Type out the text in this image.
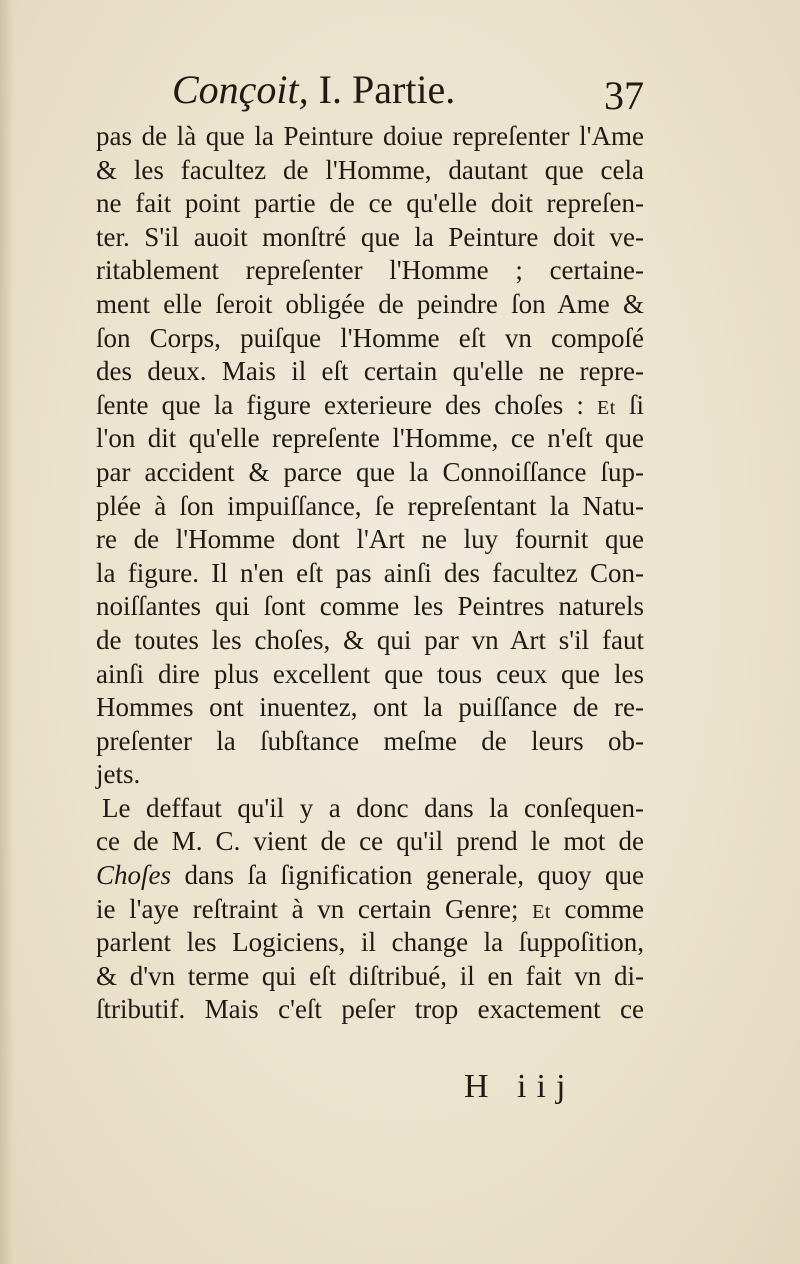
Conçoit, I. Partie.	37
pas de là que la Peinture doiue repreſenter l'Ame
& les facultez de l'Homme, dautant que cela
ne fait point partie de ce qu'elle doit repreſen-
ter. S'il auoit monſtré que la Peinture doit ve-
ritablement repreſenter l'Homme ; certaine-
ment elle ſeroit obligée de peindre ſon Ame &
ſon Corps, puiſque l'Homme eſt vn compoſé
des deux. Mais il eſt certain qu'elle ne repre-
ſente que la figure exterieure des choſes : Et ſi
l'on dit qu'elle repreſente l'Homme, ce n'eſt que
par accident & parce que la Connoiſſance ſup-
plée à ſon impuiſſance, ſe repreſentant la Natu-
re de l'Homme dont l'Art ne luy fournit que
la figure. Il n'en eſt pas ainſi des facultez Con-
noiſſantes qui ſont comme les Peintres naturels
de toutes les choſes, & qui par vn Art s'il faut
ainſi dire plus excellent que tous ceux que les
Hommes ont inuentez, ont la puiſſance de re-
preſenter la ſubſtance meſme de leurs ob-
jets.
Le deffaut qu'il y a donc dans la conſequen-
ce de M. C. vient de ce qu'il prend le mot de
Choſes dans ſa ſignification generale, quoy que
ie l'aye reſtraint à vn certain Genre; Et comme
parlent les Logiciens, il change la ſuppoſition,
& d'vn terme qui eſt diſtribué, il en fait vn di-
ſtributif. Mais c'eſt peſer trop exactement ce
H iij
